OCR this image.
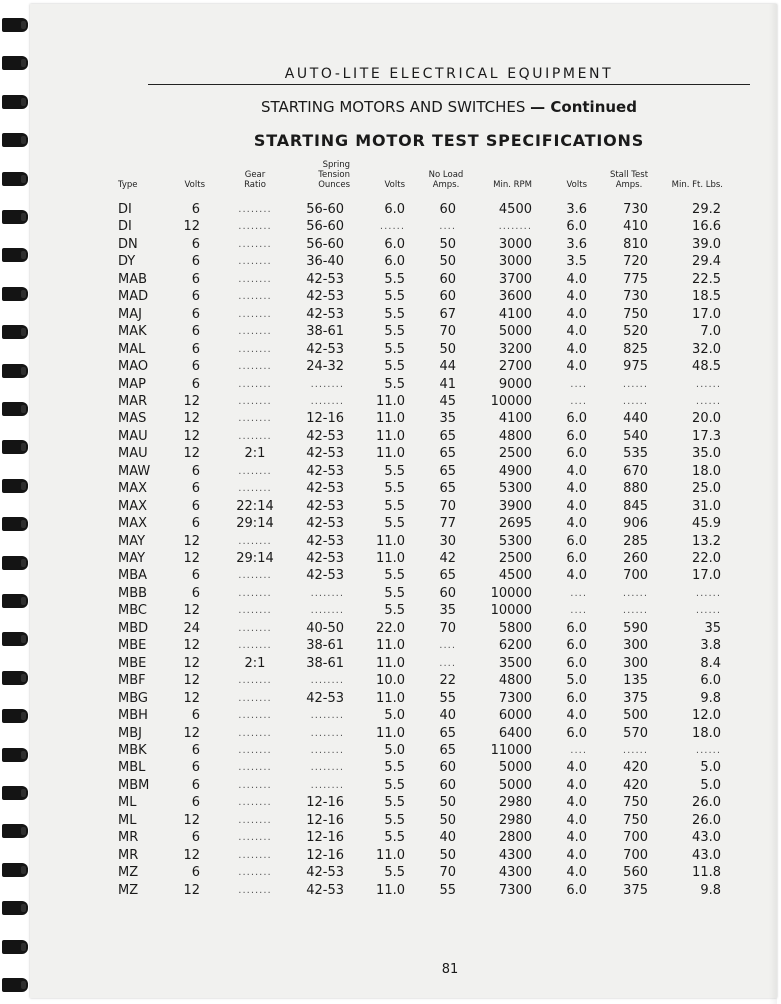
AUTO-LITE ELECTRICAL EQUIPMENT
STARTING MOTORS AND SWITCHES — Continued
STARTING MOTOR TEST SPECIFICATIONS
Type	Volts
Gear
Ratio
Spring
Tension
Ounces	Volts
No Load
Amps.	Min. RPM	Volts
Stall Test
Amps.	Min. Ft. Lbs.
DI	6	........	56-60	6.0	60	4500	3.6	730	29.2
DI	12	........	56-60	......	....	........	6.0	410	16.6
DN	6	........	56-60	6.0	50	3000	3.6	810	39.0
DY	6	........	36-40	6.0	50	3000	3.5	720	29.4
MAB	6	........	42-53	5.5	60	3700	4.0	775	22.5
MAD	6	........	42-53	5.5	60	3600	4.0	730	18.5
MAJ	6	........	42-53	5.5	67	4100	4.0	750	17.0
MAK	6	........	38-61	5.5	70	5000	4.0	520	7.0
MAL	6	........	42-53	5.5	50	3200	4.0	825	32.0
MAO	6	........	24-32	5.5	44	2700	4.0	975	48.5
MAP	6	........	........	5.5	41	9000	....	......	......
MAR	12	........	........ 11.0	45	10000	....	......	......
MAS	12	........	12-16 11.0	35	4100	6.0	440	20.0
MAU	12	........	42-53 11.0	65	4800	6.0	540	17.3
MAU	12	2:1	42-53 11.0	65	2500	6.0	535	35.0
MAW	6	........	42-53	5.5	65	4900	4.0	670	18.0
MAX	6	........	42-53	5.5	65	5300	4.0	880	25.0
MAX	6	22:14	42-53	5.5	70	3900	4.0	845	31.0
MAX	6	29:14	42-53	5.5	77	2695	4.0	906	45.9
MAY	12	........	42-53 11.0	30	5300	6.0	285	13.2
MAY	12	29:14	42-53 11.0	42	2500	6.0	260	22.0
MBA	6	........	42-53	5.5	65	4500	4.0	700	17.0
MBB	6	........	........	5.5	60	10000	....	......	......
MBC	12	........	........	5.5	35	10000	....	......	......
MBD	24	........	40-50 22.0	70	5800	6.0	590	35
MBE	12	........	38-61 11.0	....	6200	6.0	300	3.8
MBE	12	2:1	38-61 11.0	....	3500	6.0	300	8.4
MBF	12	........	........ 10.0	22	4800	5.0	135	6.0
MBG	12	........	42-53 11.0	55	7300	6.0	375	9.8
MBH	6	........	........	5.0	40	6000	4.0	500	12.0
MBJ	12	........	........ 11.0	65	6400	6.0	570	18.0
MBK	6	........	........	5.0	65	11000	....	......	......
MBL	6	........	........	5.5	60	5000	4.0	420	5.0
MBM	6	........	........	5.5	60	5000	4.0	420	5.0
ML	6	........	12-16	5.5	50	2980	4.0	750	26.0
ML	12	........	12-16	5.5	50	2980	4.0	750	26.0
MR	6	........	12-16	5.5	40	2800	4.0	700	43.0
MR	12	........	12-16 11.0	50	4300	4.0	700	43.0
MZ	6	........	42-53	5.5	70	4300	4.0	560	11.8
MZ	12	........	42-53 11.0	55	7300	6.0	375	9.8
81
